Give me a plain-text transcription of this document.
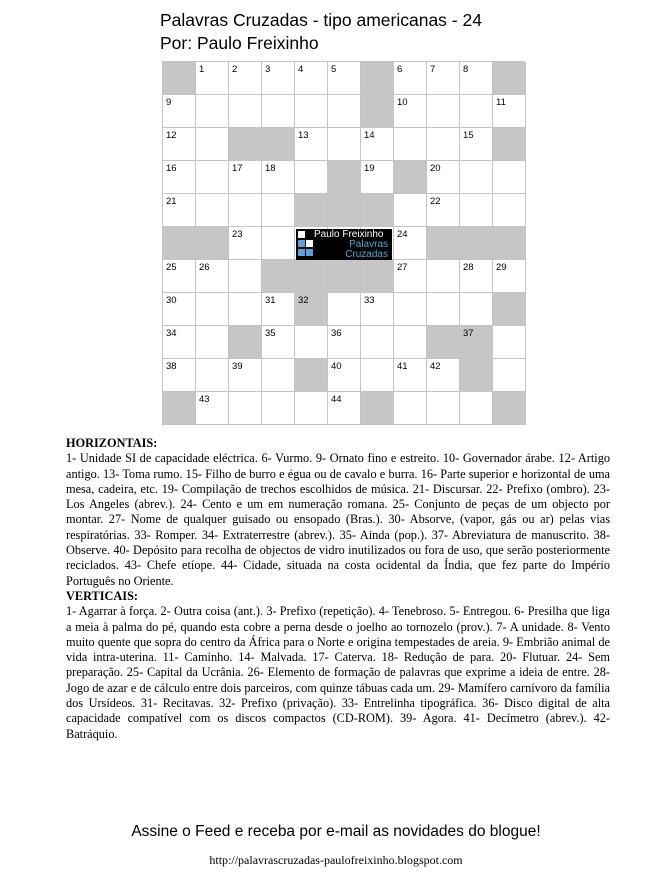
Palavras Cruzadas - tipo americanas - 24
Por: Paulo Freixinho
1	2	3	4	5	6	7	8
9	10	11
12	13	14	15
16	17 18	19	20
21	22
23	24
25 26	27	28 29
30	31 32	33
34	35	36	37
38	39	40	41 42
43	44
Paulo Freixinho
Palavras
Cruzadas
HORIZONTAIS:

1- Unidade SI de capacidade eléctrica. 6- Vurmo. 9- Ornato fino e estreito. 10- Governador árabe. 12- Artigo antigo. 13- Toma rumo. 15- Filho de burro e égua ou de cavalo e burra. 16- Parte superior e horizontal de uma mesa, cadeira, etc. 19- Compilação de trechos escolhidos de música. 21- Discursar. 22- Prefixo (ombro). 23- Los Angeles (abrev.). 24- Cento e um em numeração romana. 25- Conjunto de peças de um objecto por montar. 27- Nome de qualquer guisado ou ensopado (Bras.). 30- Absorve, (vapor, gás ou ar) pelas vias respiratórias. 33- Romper. 34- Extraterrestre (abrev.). 35- Ainda (pop.). 37- Abreviatura de manuscrito. 38- Observe. 40- Depósito para recolha de objectos de vidro inutilizados ou fora de uso, que serão posteriormente reciclados. 43- Chefe etíope. 44- Cidade, situada na costa ocidental da Índia, que fez parte do Império Português no Oriente.

VERTICAIS:

1- Agarrar à força. 2- Outra coisa (ant.). 3- Prefixo (repetição). 4- Tenebroso. 5- Entregou. 6- Presilha que liga a meia à palma do pé, quando esta cobre a perna desde o joelho ao tornozelo (prov.). 7- A unidade. 8- Vento muito quente que sopra do centro da África para o Norte e origina tempestades de areia. 9- Embrião animal de vida intra-uterina. 11- Caminho. 14- Malvada. 17- Caterva. 18- Redução de para. 20- Flutuar. 24- Sem preparação. 25- Capital da Ucrânia. 26- Elemento de formação de palavras que exprime a ideia de entre. 28- Jogo de azar e de cálculo entre dois parceiros, com quinze tábuas cada um. 29- Mamífero carnívoro da família dos Ursídeos. 31- Recitavas. 32- Prefixo (privação). 33- Entrelinha tipográfica. 36- Disco digital de alta capacidade compatível com os discos compactos (CD-ROM). 39- Agora. 41- Decímetro (abrev.). 42- Batráquio.

Assine o Feed e receba por e-mail as novidades do blogue!
http://palavrascruzadas-paulofreixinho.blogspot.com
